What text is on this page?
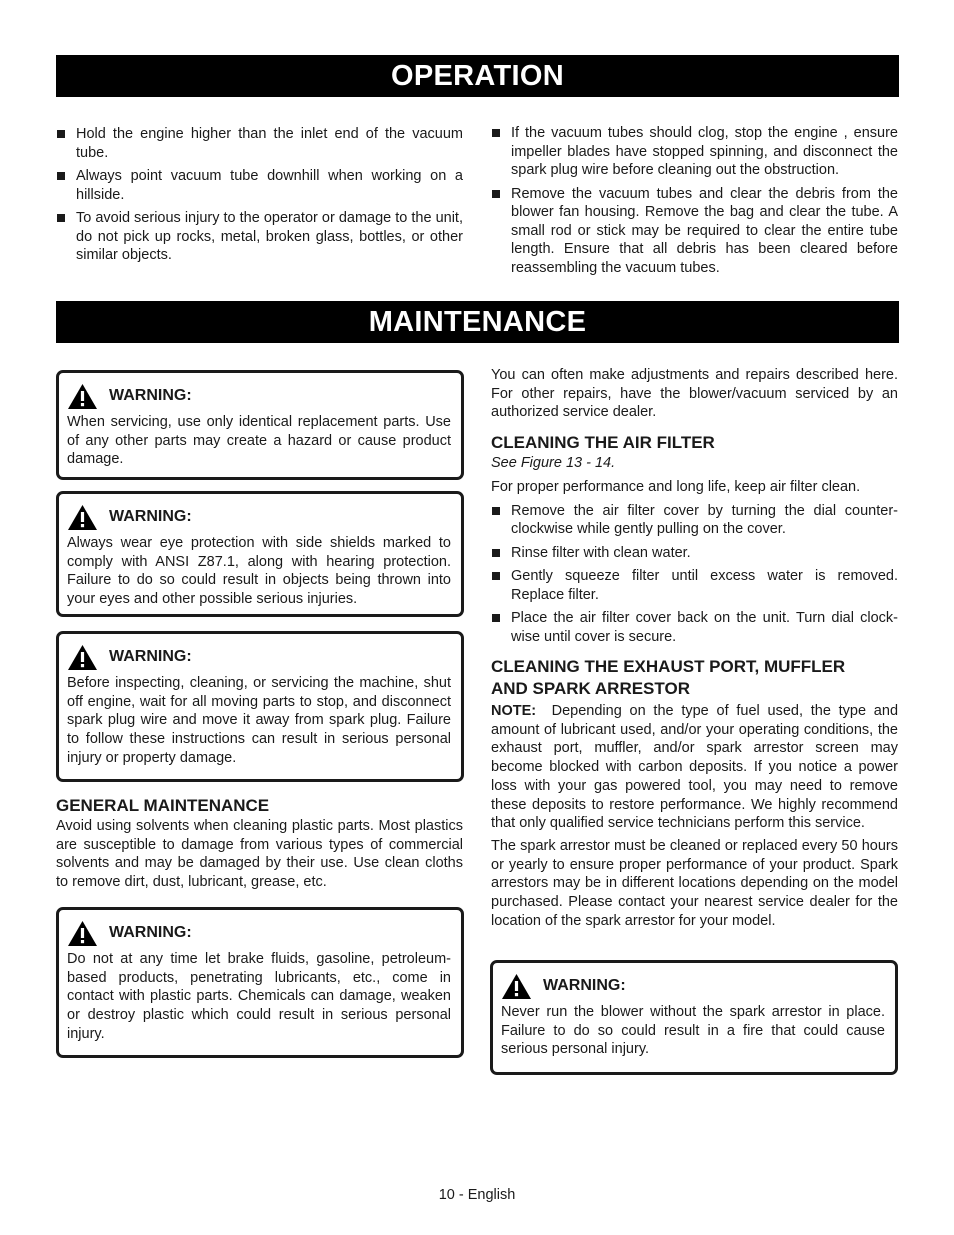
OPERATION
Hold the engine higher than the inlet end of the vacuum tube.
Always point vacuum tube downhill when working on a hillside.
To avoid serious injury to the operator or damage to the unit, do not pick up rocks, metal, broken glass, bottles, or other similar objects.
If the vacuum tubes should clog, stop the engine , ensure impeller blades have stopped spinning, and disconnect the spark plug wire before cleaning out the obstruction.
Remove the vacuum tubes and clear the debris from the blower fan housing. Remove the bag and clear the tube. A small rod or stick may be required to clear the entire tube length. Ensure that all debris has been cleared before reassembling the vacuum tubes.
MAINTENANCE
WARNING:
When servicing, use only identical replacement parts. Use of any other parts may create a hazard or cause product damage.
WARNING:
Always wear eye protection with side shields marked to comply with ANSI Z87.1, along with hearing protection. Failure to do so could result in objects being thrown into your eyes and other possible serious injuries.
WARNING:
Before inspecting, cleaning, or servicing the machine, shut off engine, wait for all moving parts to stop, and disconnect spark plug wire and move it away from spark plug. Failure to follow these instructions can result in serious personal injury or property damage.
GENERAL MAINTENANCE

Avoid using solvents when cleaning plastic parts. Most plastics are susceptible to damage from various types of commercial solvents and may be damaged by their use. Use clean cloths to remove dirt, dust, lubricant, grease, etc.

WARNING:
Do not at any time let brake fluids, gasoline, petroleum-based products, penetrating lubricants, etc., come in contact with plastic parts. Chemicals can damage, weaken or destroy plastic which could result in serious personal injury.

You can often make adjustments and repairs described here. For other repairs, have the blower/vacuum serviced by an authorized service dealer.

CLEANING THE AIR FILTER

See Figure 13 - 14.

For proper performance and long life, keep air filter clean.

Remove the air filter cover by turning the dial counter-clockwise while gently pulling on the cover.
Rinse filter with clean water.
Gently squeeze filter until excess water is removed. Replace filter.
Place the air filter cover back on the unit. Turn dial clock-wise until cover is secure.
CLEANING THE EXHAUST PORT, MUFFLER
AND SPARK ARRESTOR

NOTE: Depending on the type of fuel used, the type and amount of lubricant used, and/or your operating conditions, the exhaust port, muffler, and/or spark arrestor screen may become blocked with carbon deposits. If you notice a power loss with your gas powered tool, you may need to remove these deposits to restore performance. We highly recommend that only qualified service technicians perform this service.

The spark arrestor must be cleaned or replaced every 50 hours or yearly to ensure proper performance of your product. Spark arrestors may be in different locations depending on the model purchased. Please contact your nearest service dealer for the location of the spark arrestor for your model.

WARNING:
Never run the blower without the spark arrestor in place. Failure to do so could result in a fire that could cause serious personal injury.
10 - English
